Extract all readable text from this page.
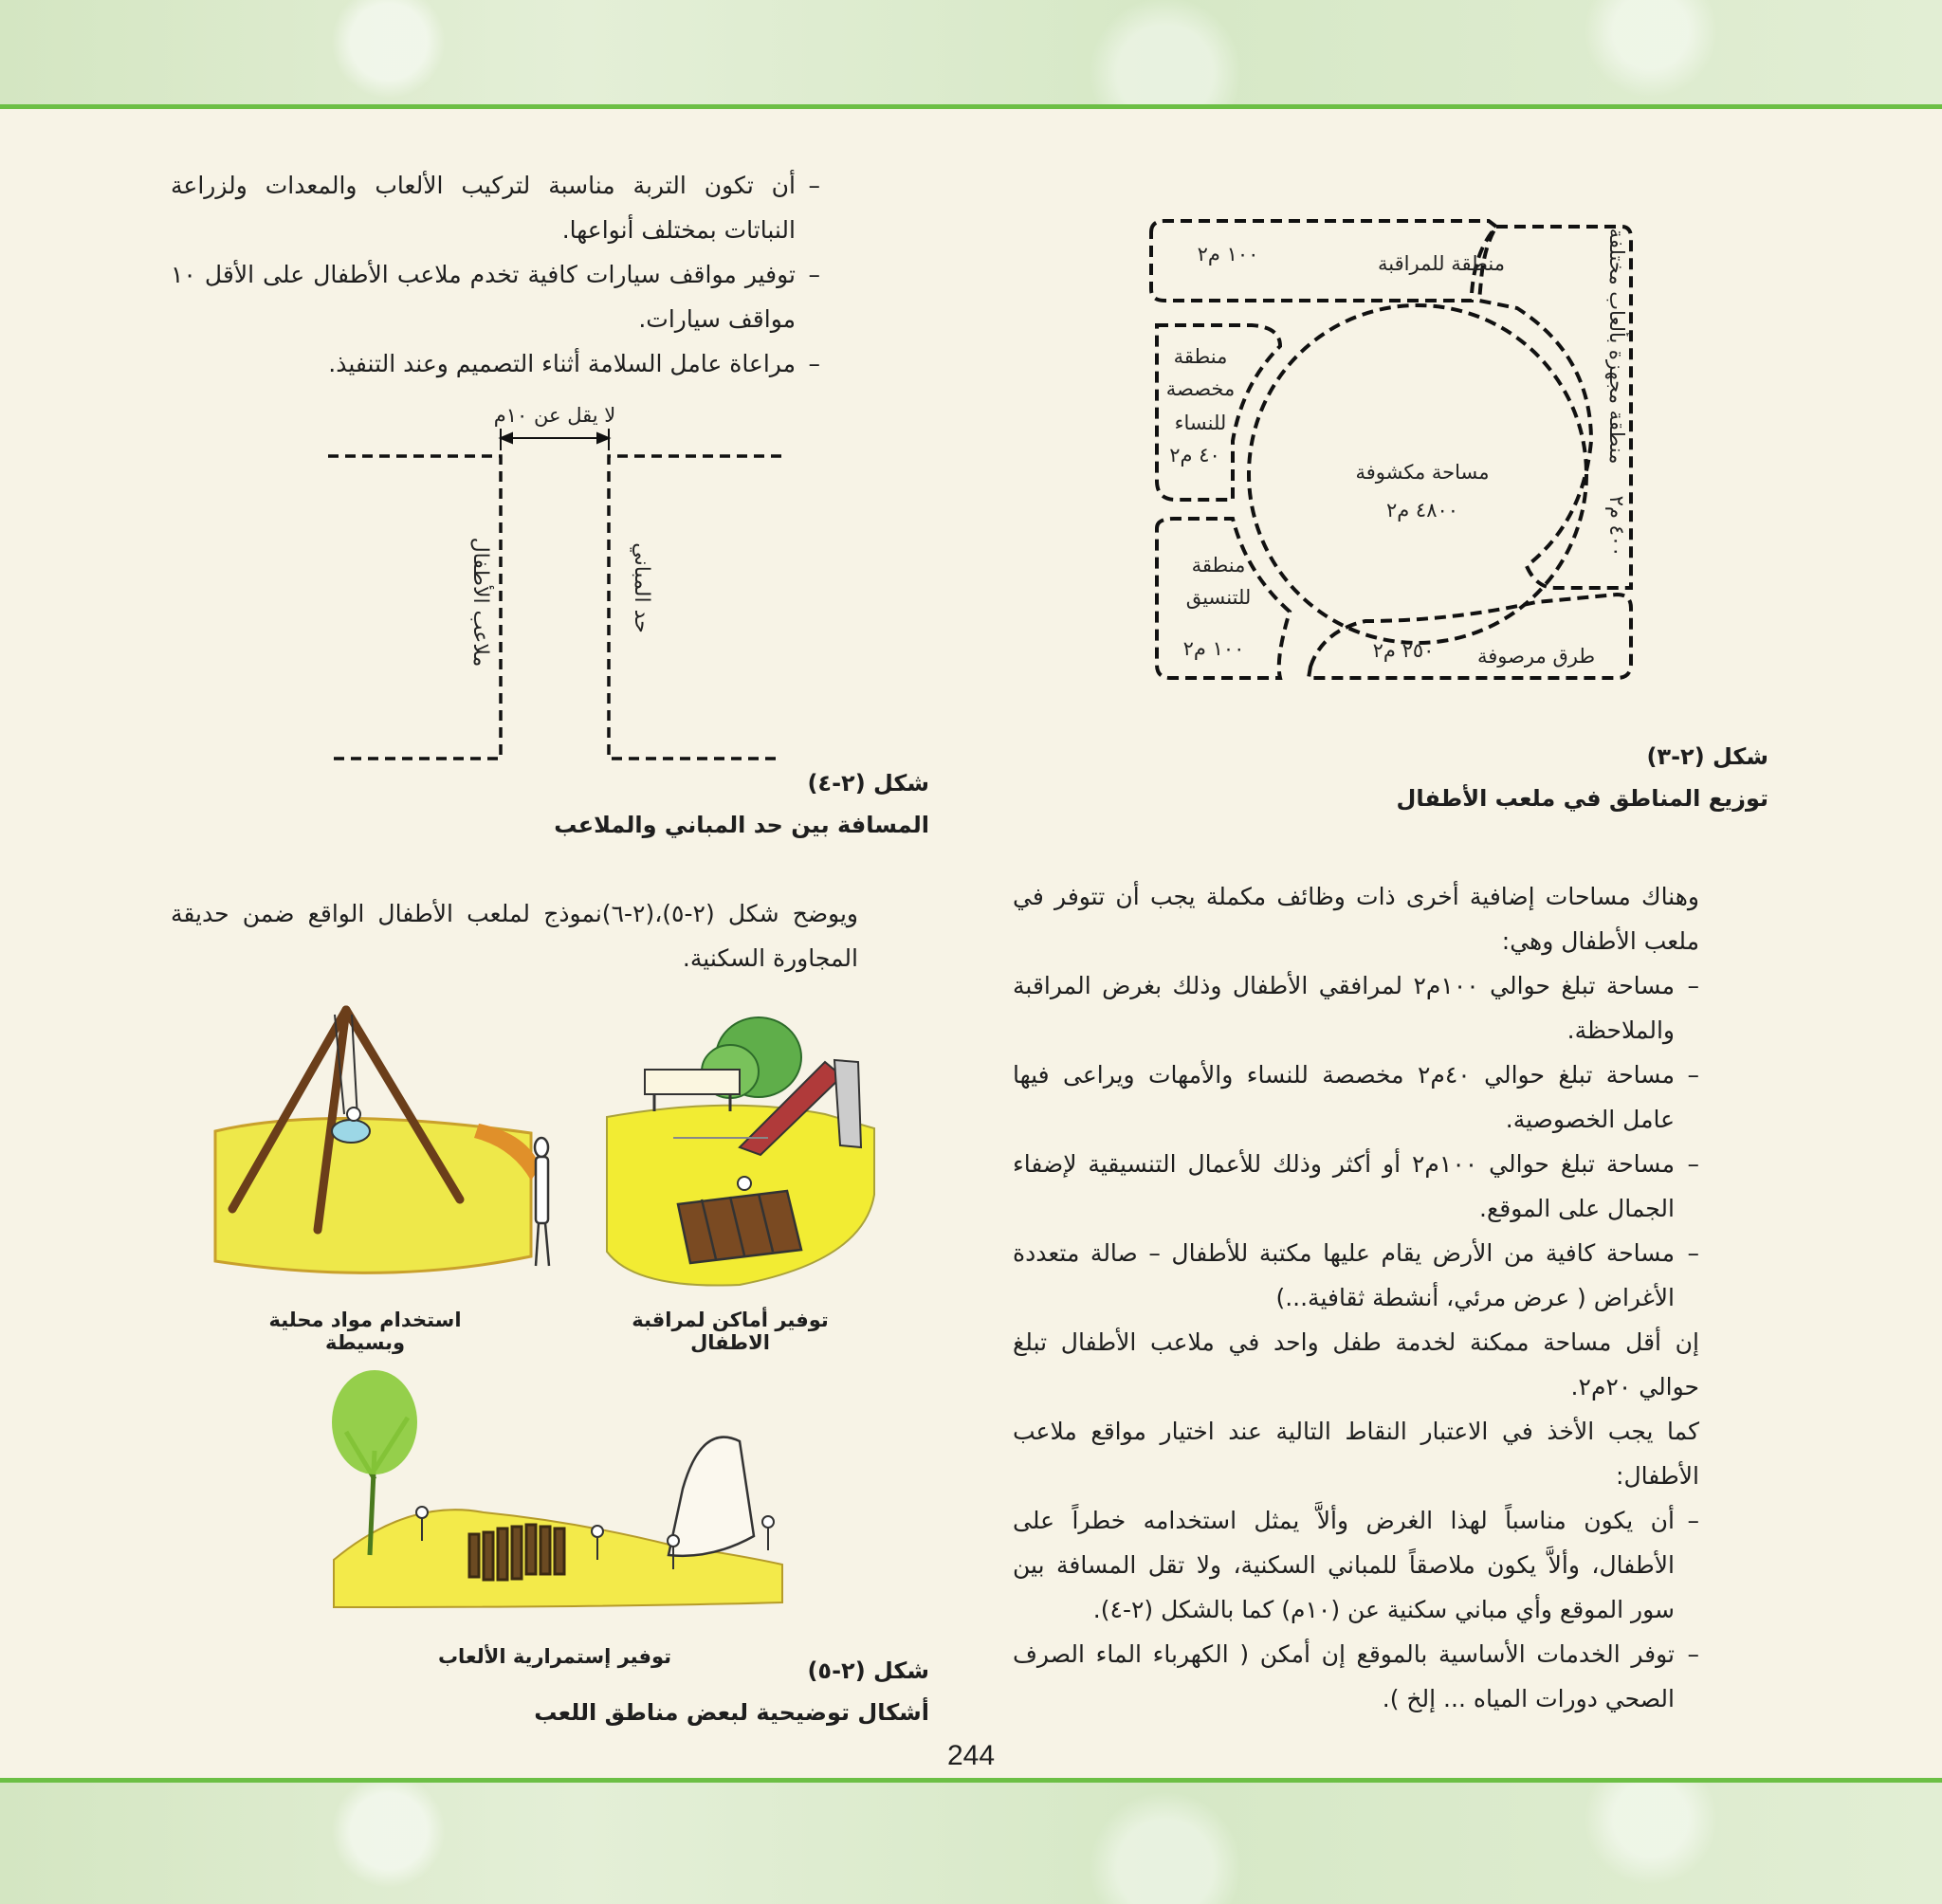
– أن تكون التربة مناسبة لتركيب الألعاب والمعدات ولزراعة النباتات بمختلف أنواعها.
– توفير مواقف سيارات كافية تخدم ملاعب الأطفال على الأقل ١٠ مواقف سيارات.
– مراعاة عامل السلامة أثناء التصميم وعند التنفيذ.
لا يقل عن ١٠م
ملاعب الأطفال	حد المباني
شكل (٢-٤)
المسافة بين حد المباني والملاعب
ويوضح شكل (٢-٥)،(٢-٦)نموذج لملعب الأطفال الواقع ضمن حديقة المجاورة السكنية.
استخدام مواد محلية وبسيطة
توفير أماكن لمراقبة الاطفال
توفير إستمرارية الألعاب
شكل (٢-٥)
أشكال توضيحية لبعض مناطق اللعب
منطقة للمراقبة
١٠٠ م٢
منطقة
مخصصة
للنساء
٤٠ م٢
مساحة مكشوفة
٤٨٠٠ م٢
منطقة
للتنسيق
١٠٠ م٢	طرق مرصوفة
٢٥٠ م٢
منطقة مجهزة بألعاب مختلفة
٤٠٠ م٢
شكل (٢-٣)
توزيع المناطق في ملعب الأطفال
وهناك مساحات إضافية أخرى ذات وظائف مكملة يجب أن تتوفر في ملعب الأطفال وهي:
– مساحة تبلغ حوالي ١٠٠م٢ لمرافقي الأطفال وذلك بغرض المراقبة والملاحظة.
– مساحة تبلغ حوالي ٤٠م٢ مخصصة للنساء والأمهات ويراعى فيها عامل الخصوصية.
– مساحة تبلغ حوالي ١٠٠م٢ أو أكثر وذلك للأعمال التنسيقية لإضفاء الجمال على الموقع.
– مساحة كافية من الأرض يقام عليها مكتبة للأطفال – صالة متعددة الأغراض ( عرض مرئي، أنشطة ثقافية...)
إن أقل مساحة ممكنة لخدمة طفل واحد في ملاعب الأطفال تبلغ حوالي ٢٠م٢.
كما يجب الأخذ في الاعتبار النقاط التالية عند اختيار مواقع ملاعب الأطفال:
– أن يكون مناسباً لهذا الغرض وألاَّ يمثل استخدامه خطراً على الأطفال، وألاَّ يكون ملاصقاً للمباني السكنية، ولا تقل المسافة بين سور الموقع وأي مباني سكنية عن (١٠م) كما بالشكل (٢-٤).
– توفر الخدمات الأساسية بالموقع إن أمكن ( الكهرباء الماء الصرف الصحي دورات المياه ... إلخ ).
244
